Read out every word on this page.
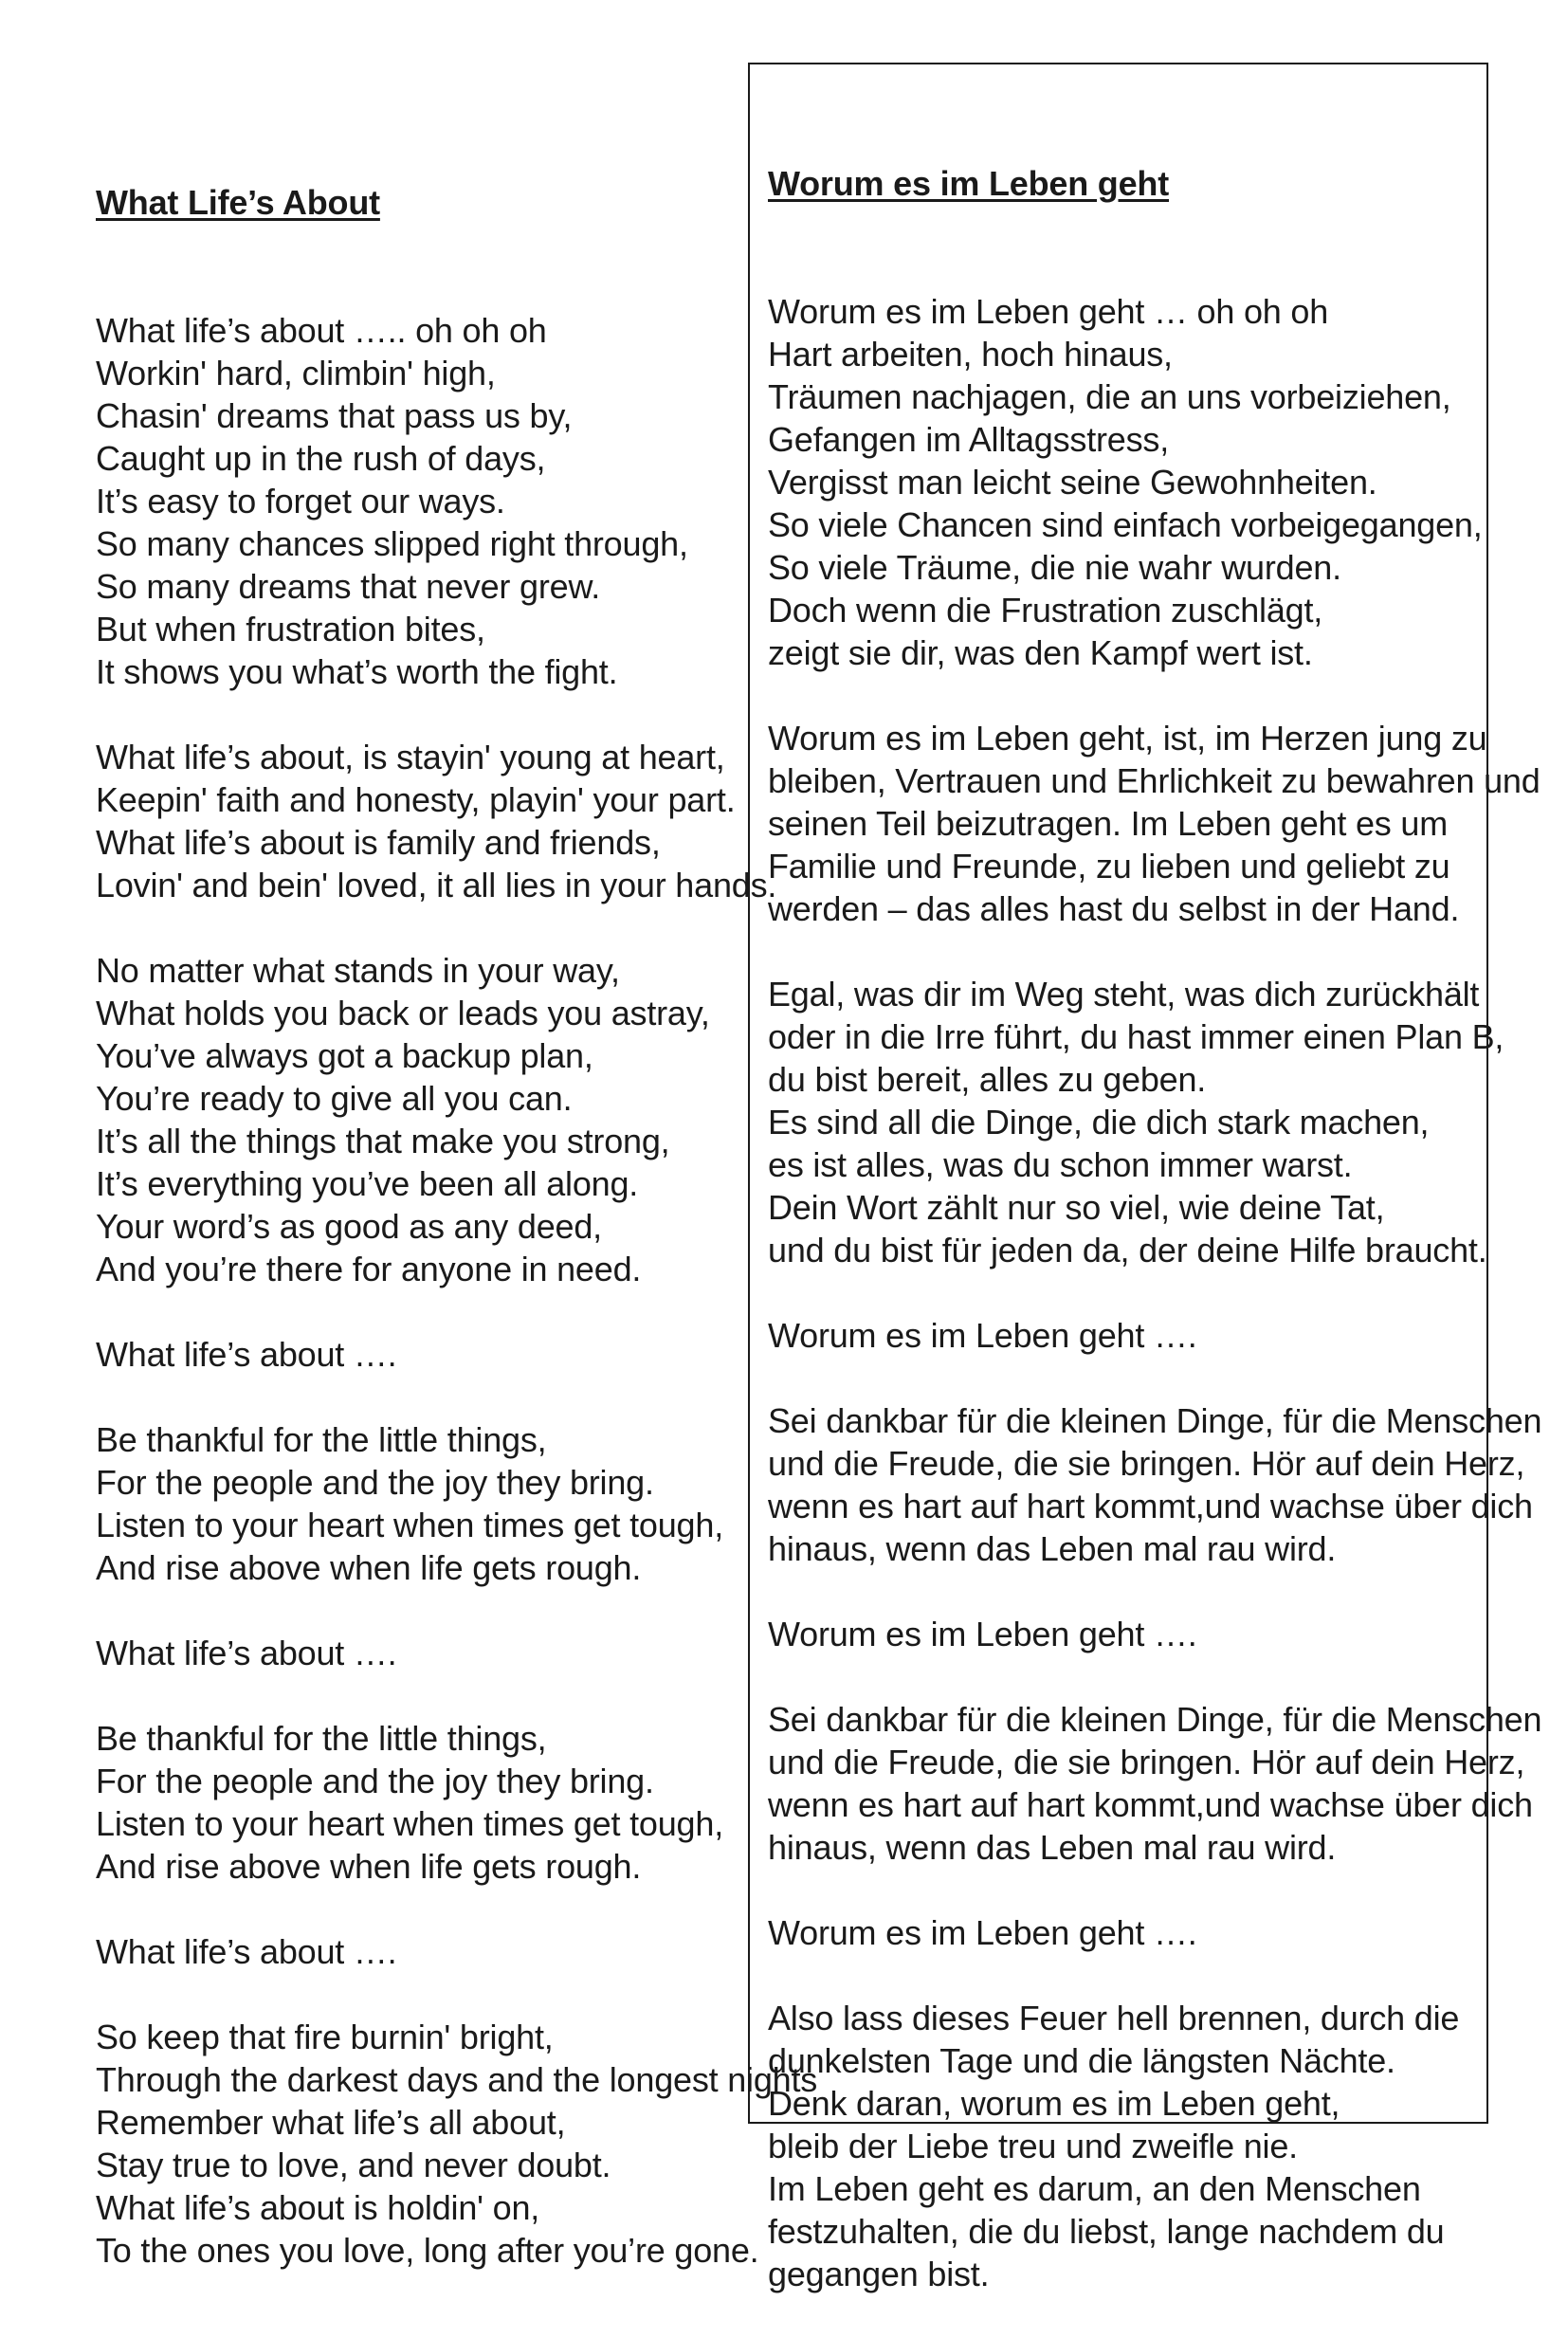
What Life’s About

What life’s about ….. oh oh oh
Workin' hard, climbin' high,
Chasin' dreams that pass us by,
Caught up in the rush of days,
It’s easy to forget our ways.
So many chances slipped right through,
So many dreams that never grew.
But when frustration bites,
It shows you what’s worth the fight.
What life’s about, is stayin' young at heart,
Keepin' faith and honesty, playin' your part.
What life’s about is family and friends,
Lovin' and bein' loved, it all lies in your hands.
No matter what stands in your way,
What holds you back or leads you astray,
You’ve always got a backup plan,
You’re ready to give all you can.
It’s all the things that make you strong,
It’s everything you’ve been all along.
Your word’s as good as any deed,
And you’re there for anyone in need.
What life’s about ….
Be thankful for the little things,
For the people and the joy they bring.
Listen to your heart when times get tough,
And rise above when life gets rough.
What life’s about ….
Be thankful for the little things,
For the people and the joy they bring.
Listen to your heart when times get tough,
And rise above when life gets rough.
What life’s about ….
So keep that fire burnin' bright,
Through the darkest days and the longest nights
Remember what life’s all about,
Stay true to love, and never doubt.
What life’s about is holdin' on,
To the ones you love, long after you’re gone.

Worum es im Leben geht

Worum es im Leben geht … oh oh oh
Hart arbeiten, hoch hinaus,
Träumen nachjagen, die an uns vorbeiziehen,
Gefangen im Alltagsstress,
Vergisst man leicht seine Gewohnheiten.
So viele Chancen sind einfach vorbeigegangen,
So viele Träume, die nie wahr wurden.
Doch wenn die Frustration zuschlägt,
zeigt sie dir, was den Kampf wert ist.
Worum es im Leben geht, ist, im Herzen jung zu
bleiben, Vertrauen und Ehrlichkeit zu bewahren und
seinen Teil beizutragen. Im Leben geht es um
Familie und Freunde, zu lieben und geliebt zu
werden – das alles hast du selbst in der Hand.
Egal, was dir im Weg steht, was dich zurückhält
oder in die Irre führt, du hast immer einen Plan B,
du bist bereit, alles zu geben.
Es sind all die Dinge, die dich stark machen,
es ist alles, was du schon immer warst.
Dein Wort zählt nur so viel, wie deine Tat,
und du bist für jeden da, der deine Hilfe braucht.
Worum es im Leben geht ….
Sei dankbar für die kleinen Dinge, für die Menschen
und die Freude, die sie bringen. Hör auf dein Herz,
wenn es hart auf hart kommt,und wachse über dich
hinaus, wenn das Leben mal rau wird.
Worum es im Leben geht ….
Sei dankbar für die kleinen Dinge, für die Menschen
und die Freude, die sie bringen. Hör auf dein Herz,
wenn es hart auf hart kommt,und wachse über dich
hinaus, wenn das Leben mal rau wird.
Worum es im Leben geht ….
Also lass dieses Feuer hell brennen, durch die
dunkelsten Tage und die längsten Nächte.
Denk daran, worum es im Leben geht,
bleib der Liebe treu und zweifle nie.
Im Leben geht es darum, an den Menschen
festzuhalten, die du liebst, lange nachdem du
gegangen bist.
